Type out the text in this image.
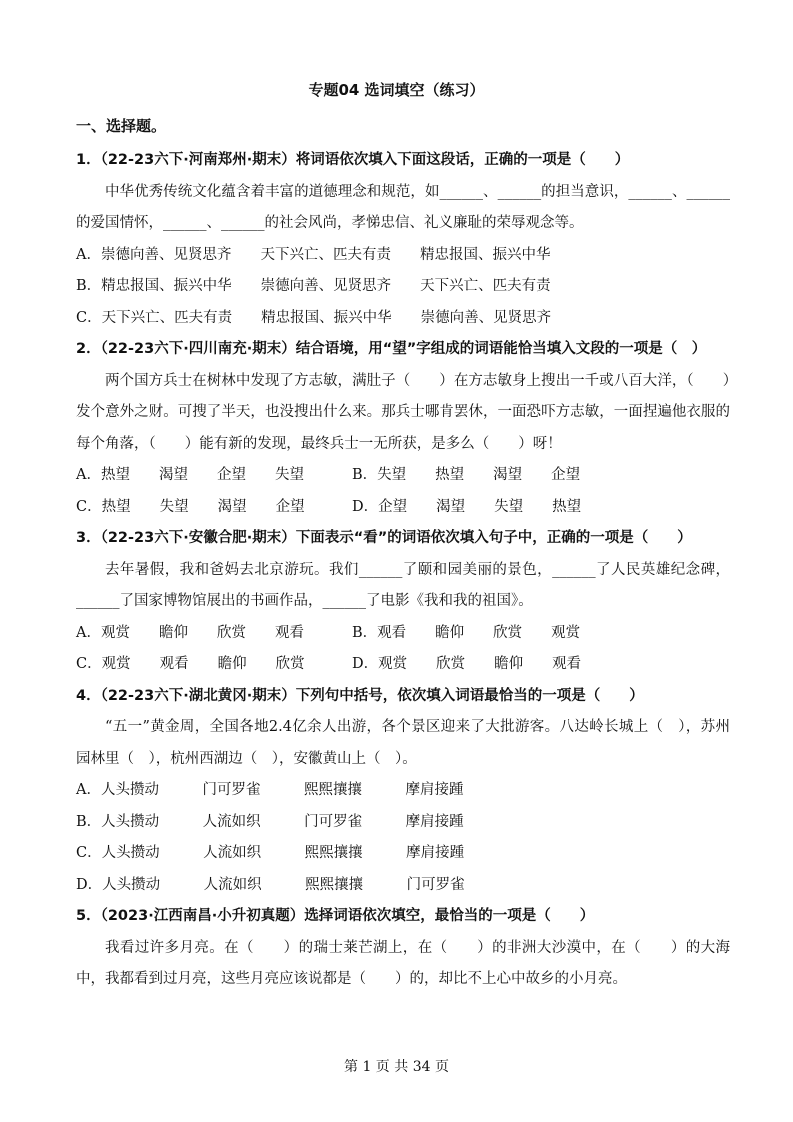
专题04 选词填空（练习）
一、选择题。

1．（22-23六下·河南郑州·期末）将词语依次填入下面这段话，正确的一项是（　　）

中华优秀传统文化蕴含着丰富的道德理念和规范，如______、______的担当意识，______、______的爱国情怀，______、______的社会风尚，孝悌忠信、礼义廉耻的荣辱观念等。

A．崇德向善、见贤思齐　　天下兴亡、匹夫有责　　精忠报国、振兴中华

B．精忠报国、振兴中华　　崇德向善、见贤思齐　　天下兴亡、匹夫有责

C．天下兴亡、匹夫有责　　精忠报国、振兴中华　　崇德向善、见贤思齐

2．（22-23六下·四川南充·期末）结合语境，用“望”字组成的词语能恰当填入文段的一项是（　）

两个国方兵士在树林中发现了方志敏，满肚子（　　）在方志敏身上搜出一千或八百大洋，（　　）发个意外之财。可搜了半天，也没搜出什么来。那兵士哪肯罢休，一面恐吓方志敏，一面捏遍他衣服的每个角落，（　　）能有新的发现，最终兵士一无所获，是多么（　　）呀！

A．热望　　渴望　　企望　　失望	B．失望　　热望　　渴望　　企望

C．热望　　失望　　渴望　　企望	D．企望　　渴望　　失望　　热望

3．（22-23六下·安徽合肥·期末）下面表示“看”的词语依次填入句子中，正确的一项是（　　）

去年暑假，我和爸妈去北京游玩。我们______了颐和园美丽的景色，______了人民英雄纪念碑，______了国家博物馆展出的书画作品，______了电影《我和我的祖国》。

A．观赏　　瞻仰　　欣赏　　观看	B．观看　　瞻仰　　欣赏　　观赏

C．观赏　　观看　　瞻仰　　欣赏	D．观赏　　欣赏　　瞻仰　　观看

4．（22-23六下·湖北黄冈·期末）下列句中括号，依次填入词语最恰当的一项是（　　）

“五一”黄金周，全国各地2.4亿余人出游，各个景区迎来了大批游客。八达岭长城上（　），苏州园林里（　），杭州西湖边（　），安徽黄山上（　）。

A．人头攒动　　　门可罗雀　　　熙熙攘攘　　　摩肩接踵

B．人头攒动　　　人流如织　　　门可罗雀　　　摩肩接踵

C．人头攒动　　　人流如织　　　熙熙攘攘　　　摩肩接踵

D．人头攒动　　　人流如织　　　熙熙攘攘　　　门可罗雀

5．（2023·江西南昌·小升初真题）选择词语依次填空，最恰当的一项是（　　）

我看过许多月亮。在（　　）的瑞士莱芒湖上，在（　　）的非洲大沙漠中，在（　　）的大海中，我都看到过月亮，这些月亮应该说都是（　　）的，却比不上心中故乡的小月亮。

第 1 页 共 34 页
